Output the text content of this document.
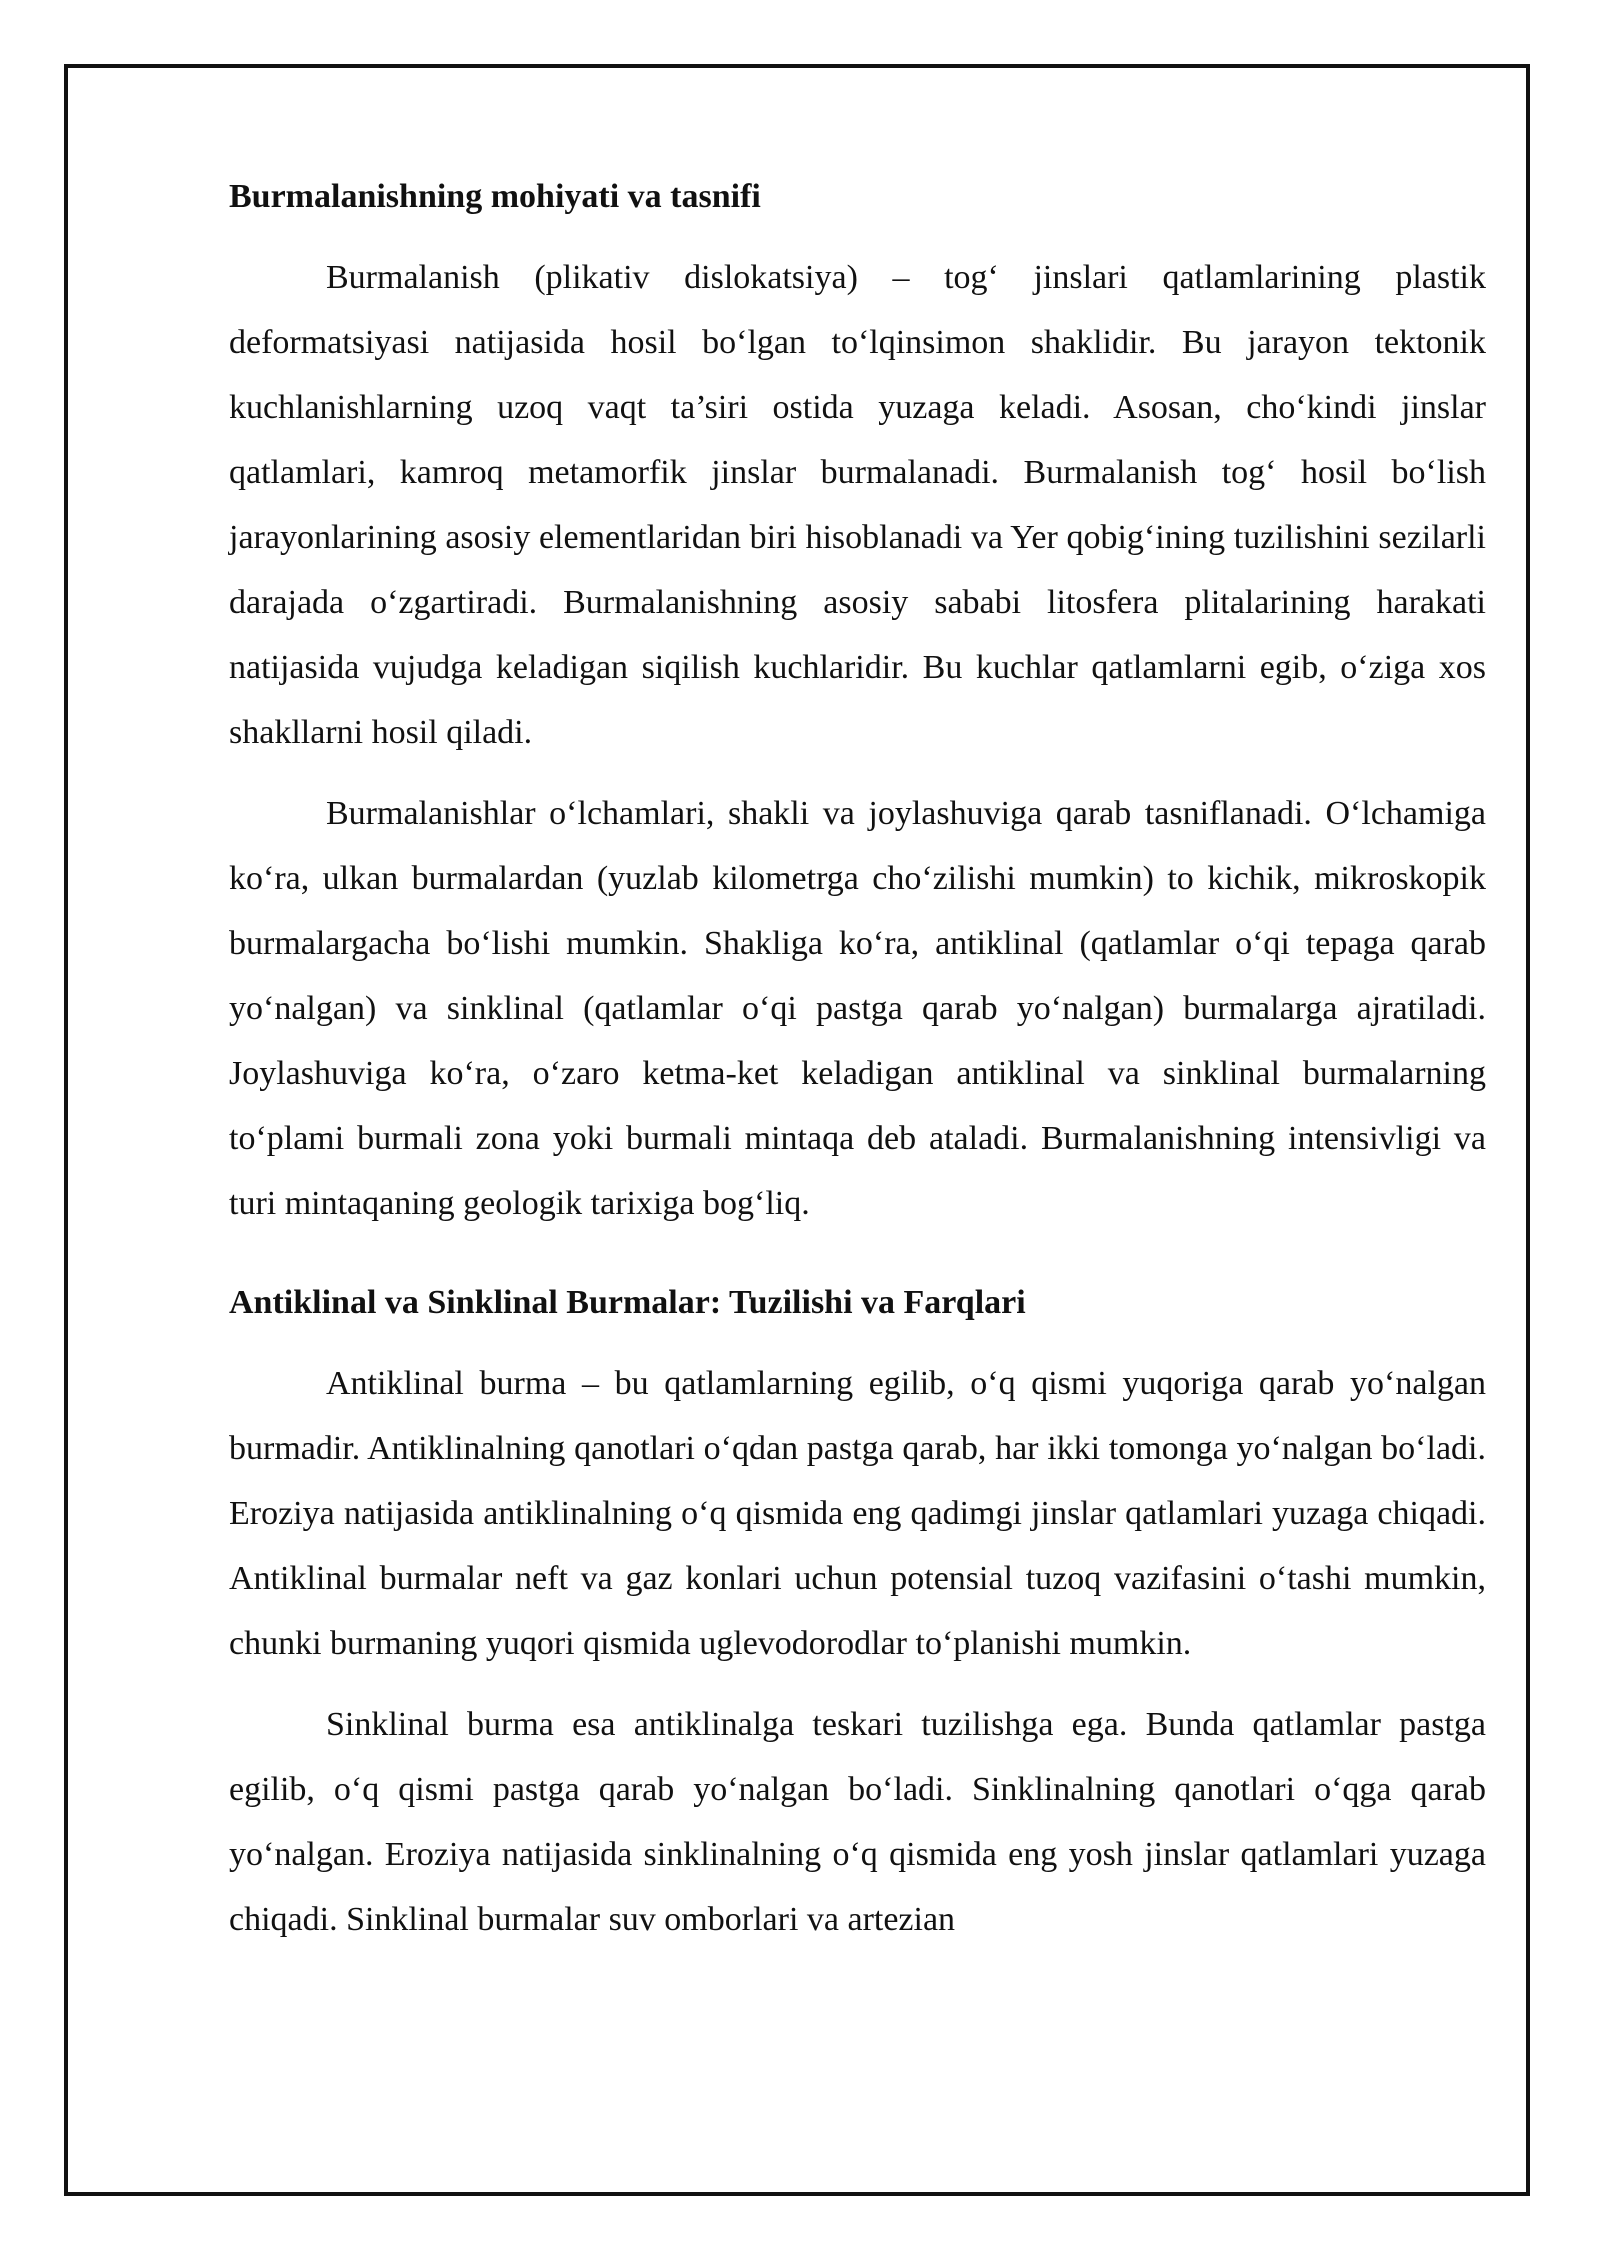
Burmalanishning mohiyati va tasnifi

Burmalanish (plikativ dislokatsiya) – tog‘ jinslari qatlamlarining plastik deformatsiyasi natijasida hosil bo‘lgan to‘lqinsimon shaklidir. Bu jarayon tektonik kuchlanishlarning uzoq vaqt ta’siri ostida yuzaga keladi. Asosan, cho‘kindi jinslar qatlamlari, kamroq metamorfik jinslar burmalanadi. Burmalanish tog‘ hosil bo‘lish jarayonlarining asosiy elementlaridan biri hisoblanadi va Yer qobig‘ining tuzilishini sezilarli darajada o‘zgartiradi. Burmalanishning asosiy sababi litosfera plitalarining harakati natijasida vujudga keladigan siqilish kuchlaridir. Bu kuchlar qatlamlarni egib, o‘ziga xos shakllarni hosil qiladi.

Burmalanishlar o‘lchamlari, shakli va joylashuviga qarab tasniflanadi. O‘lchamiga ko‘ra, ulkan burmalardan (yuzlab kilometrga cho‘zilishi mumkin) to kichik, mikroskopik burmalargacha bo‘lishi mumkin. Shakliga ko‘ra, antiklinal (qatlamlar o‘qi tepaga qarab yo‘nalgan) va sinklinal (qatlamlar o‘qi pastga qarab yo‘nalgan) burmalarga ajratiladi. Joylashuviga ko‘ra, o‘zaro ketma-ket keladigan antiklinal va sinklinal burmalarning to‘plami burmali zona yoki burmali mintaqa deb ataladi. Burmalanishning intensivligi va turi mintaqaning geologik tarixiga bog‘liq.

Antiklinal va Sinklinal Burmalar: Tuzilishi va Farqlari

Antiklinal burma – bu qatlamlarning egilib, o‘q qismi yuqoriga qarab yo‘nalgan burmadir. Antiklinalning qanotlari o‘qdan pastga qarab, har ikki tomonga yo‘nalgan bo‘ladi. Eroziya natijasida antiklinalning o‘q qismida eng qadimgi jinslar qatlamlari yuzaga chiqadi. Antiklinal burmalar neft va gaz konlari uchun potensial tuzoq vazifasini o‘tashi mumkin, chunki burmaning yuqori qismida uglevodorodlar to‘planishi mumkin.

Sinklinal burma esa antiklinalga teskari tuzilishga ega. Bunda qatlamlar pastga egilib, o‘q qismi pastga qarab yo‘nalgan bo‘ladi. Sinklinalning qanotlari o‘qga qarab yo‘nalgan. Eroziya natijasida sinklinalning o‘q qismida eng yosh jinslar qatlamlari yuzaga chiqadi. Sinklinal burmalar suv omborlari va artezian
